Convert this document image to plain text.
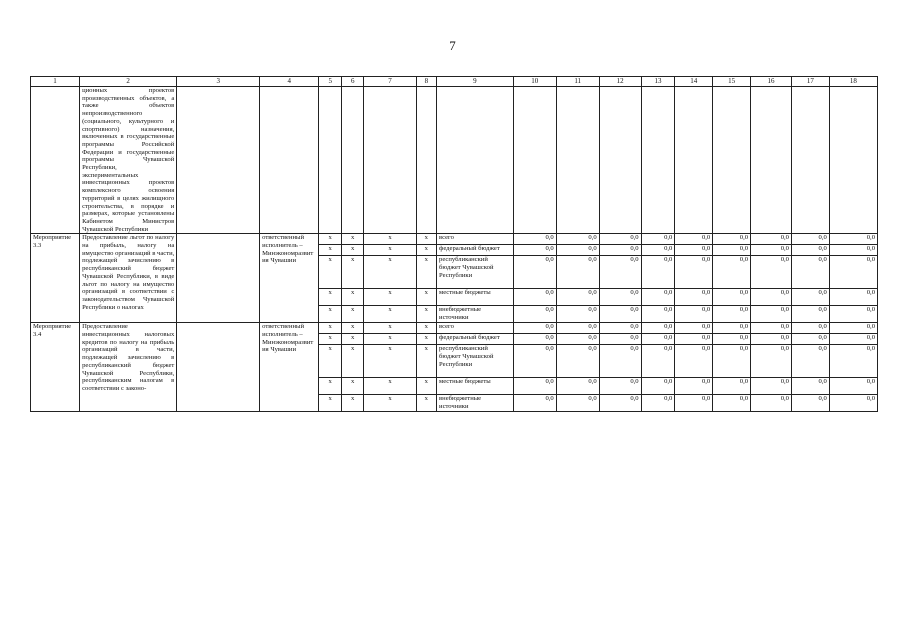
7
1	2	3	4	5	6	7	8	9	10	11	12	13	14	15	16	17	18
	ционных проектов производственных объектов, а также объектов непроизводственного (социального, культурного и спортивного) назначения, включенных в государственные программы Российской Федерации и государственные программы Чувашской Республики, экспериментальных инвестиционных проектов комплексного освоения территорий в целях жилищного строительства, в порядке и размерах, которые установлены Кабинетом Министров Чувашской Республики																
Мероприятие 3.3	Предоставление льгот по налогу на прибыль, налогу на имущество организаций в части, подлежащей зачислению в республиканский бюджет Чувашской Республики, в виде льгот по налогу на имущество организаций в соответствии с законодательством Чувашской Республики о налогах		ответственный исполнитель – Минэкономразвития Чувашии	x	x	x	x	всего	0,0	0,0	0,0	0,0	0,0	0,0	0,0	0,0	0,0
				x	x	x	x	федеральный бюджет	0,0	0,0	0,0	0,0	0,0	0,0	0,0	0,0	0,0
				x	x	x	x	республиканский бюджет Чувашской Республики	0,0	0,0	0,0	0,0	0,0	0,0	0,0	0,0	0,0
				x	x	x	x	местные бюджеты	0,0	0,0	0,0	0,0	0,0	0,0	0,0	0,0	0,0
				x	x	x	x	внебюджетные источники	0,0	0,0	0,0	0,0	0,0	0,0	0,0	0,0	0,0
Мероприятие 3.4	Предоставление инвестиционных налоговых кредитов по налогу на прибыль организаций в части, подлежащей зачислению в республиканский бюджет Чувашской Республики, республиканским налогам в соответствии с законо-		ответственный исполнитель – Минэкономразвития Чувашии	x	x	x	x	всего	0,0	0,0	0,0	0,0	0,0	0,0	0,0	0,0	0,0
				x	x	x	x	федеральный бюджет	0,0	0,0	0,0	0,0	0,0	0,0	0,0	0,0	0,0
				x	x	x	x	республиканский бюджет Чувашской Республики	0,0	0,0	0,0	0,0	0,0	0,0	0,0	0,0	0,0
				x	x	x	x	местные бюджеты	0,0	0,0	0,0	0,0	0,0	0,0	0,0	0,0	0,0
				x	x	x	x	внебюджетные источники	0,0	0,0	0,0	0,0	0,0	0,0	0,0	0,0	0,0
